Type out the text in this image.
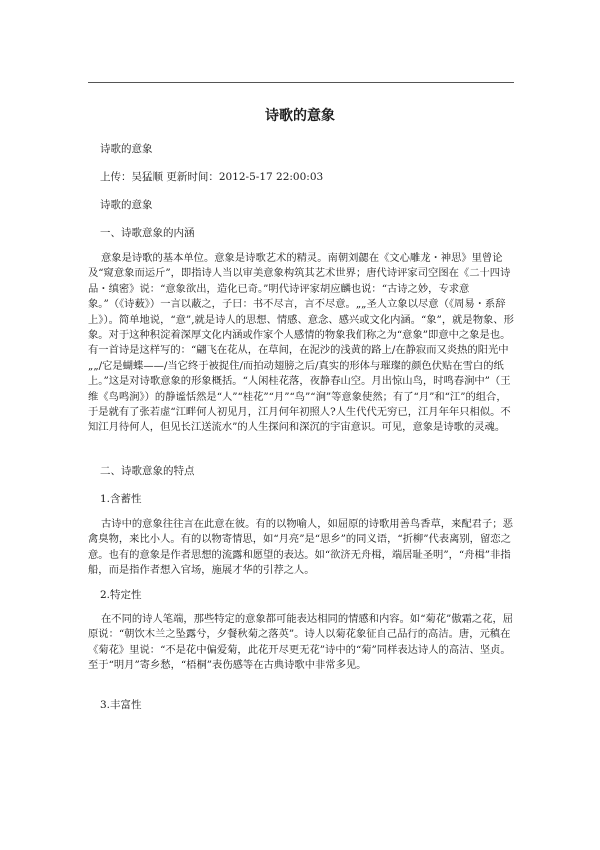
诗歌的意象
诗歌的意象
上传：吴猛顺 更新时间：2012-5-17 22:00:03
诗歌的意象
一、诗歌意象的内涵
意象是诗歌的基本单位。意象是诗歌艺术的精灵。南朝刘勰在《文心雕龙・神思》里曾论及“窥意象而运斤”，即指诗人当以审美意象构筑其艺术世界；唐代诗评家司空图在《二十四诗品・缜密》说：“意象欲出，造化已奇。”明代诗评家胡应麟也说：“古诗之妙，专求意象。”（《诗薮》）一言以蔽之，子曰：书不尽言，言不尽意。„„圣人立象以尽意（《周易・系辞上》）。简单地说，“意”,就是诗人的思想、情感、意念、感兴或文化内涵。“象”，就是物象、形象。对于这种积淀着深厚文化内涵或作家个人感情的物象我们称之为“意象”即意中之象是也。有一首诗是这样写的：“翩飞在花从，在草间，在泥沙的浅黄的路上/在静寂而又炎热的阳光中„„/它是蝴蝶——/当它终于被捉住/而拍动翅膀之后/真实的形体与璀璨的颜色伏贴在雪白的纸上。”这是对诗歌意象的形象概括。“人闲桂花落，夜静春山空。月出惊山鸟，时鸣春涧中”（王维《鸟鸣涧》）的静谧恬然是“人”“桂花”“月”“鸟”“涧”等意象使然；有了“月”和“江”的组合，于是就有了张若虚“江畔何人初见月，江月何年初照人?人生代代无穷已，江月年年只相似。不知江月待何人，但见长江送流水”的人生探问和深沉的宇宙意识。可见，意象是诗歌的灵魂。
二、诗歌意象的特点
1.含蓄性
古诗中的意象往往言在此意在彼。有的以物喻人，如屈原的诗歌用善鸟香草，来配君子；恶禽臭物，来比小人。有的以物寄情思，如“月亮”是“思乡”的同义语，“折柳”代表离别，留恋之意。也有的意象是作者思想的流露和愿望的表达。如“欲济无舟楫，端居耻圣明”，“舟楫”非指船，而是指作者想入官场，施展才华的引荐之人。
2.特定性
在不同的诗人笔端，那些特定的意象都可能表达相同的情感和内容。如“菊花”傲霜之花，屈原说：“朝饮木兰之坠露兮，夕餐秋菊之落英”。诗人以菊花象征自己品行的高洁。唐，元稹在《菊花》里说：“不是花中偏爱菊，此花开尽更无花”诗中的“菊”同样表达诗人的高洁、坚贞。至于“明月”寄乡愁，“梧桐”表伤感等在古典诗歌中非常多见。
3.丰富性
